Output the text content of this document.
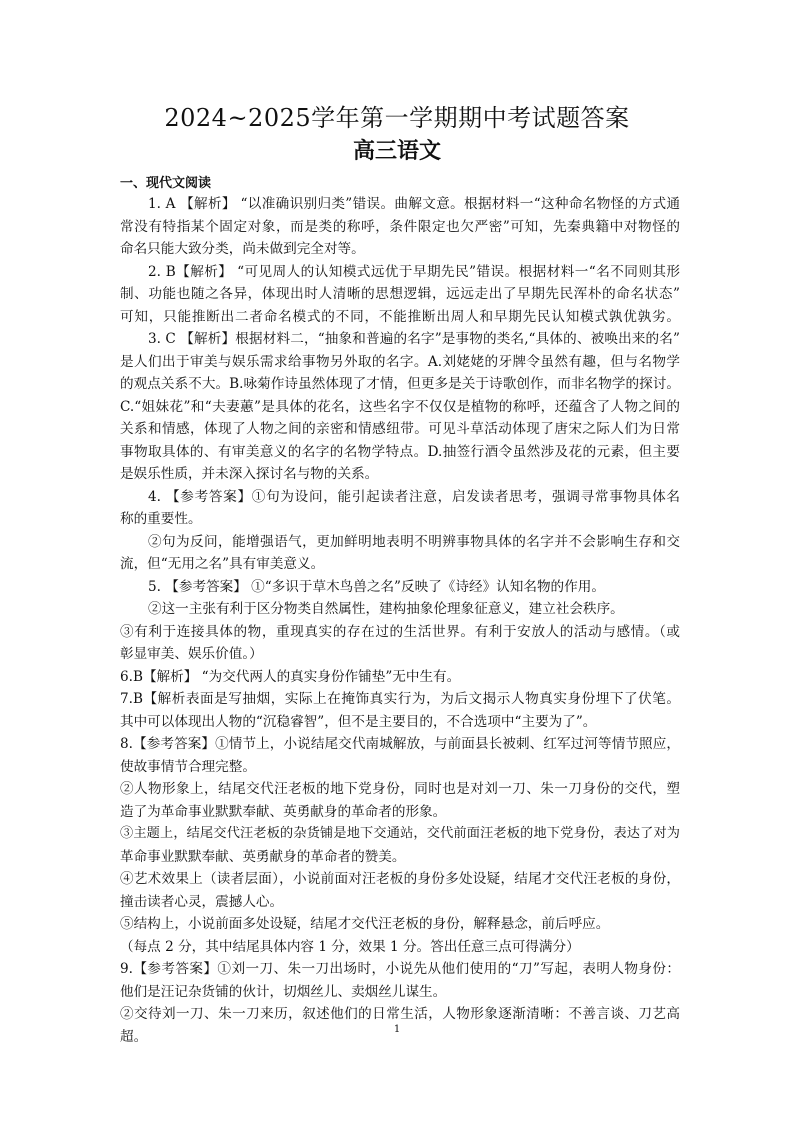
2024~2025学年第一学期期中考试题答案
高三语文
一、现代文阅读
1. A 【解析】 “以准确识别归类”错误。曲解文意。根据材料一“这种命名物怪的方式通
常没有特指某个固定对象，而是类的称呼，条件限定也欠严密”可知，先秦典籍中对物怪的
命名只能大致分类，尚未做到完全对等。
2. B【解析】 “可见周人的认知模式远优于早期先民”错误。根据材料一“名不同则其形
制、功能也随之各异，体现出时人清晰的思想逻辑，远远走出了早期先民浑朴的命名状态”
可知，只能推断出二者命名模式的不同，不能推断出周人和早期先民认知模式孰优孰劣。
3. C 【解析】根据材料二，“抽象和普遍的名字”是事物的类名,“具体的、被唤出来的名”
是人们出于审美与娱乐需求给事物另外取的名字。A.刘姥姥的牙牌令虽然有趣，但与名物学
的观点关系不大。B.咏菊作诗虽然体现了才情，但更多是关于诗歌创作，而非名物学的探讨。
C.“姐妹花”和“夫妻蕙”是具体的花名，这些名字不仅仅是植物的称呼，还蕴含了人物之间的
关系和情感，体现了人物之间的亲密和情感纽带。可见斗草活动体现了唐宋之际人们为日常
事物取具体的、有审美意义的名字的名物学特点。D.抽签行酒令虽然涉及花的元素，但主要
是娱乐性质，并未深入探讨名与物的关系。
4. 【参考答案】①句为设问，能引起读者注意，启发读者思考，强调寻常事物具体名
称的重要性。
②句为反问，能增强语气，更加鲜明地表明不明辨事物具体的名字并不会影响生存和交
流，但“无用之名”具有审美意义。
5. 【参考答案】 ①“多识于草木鸟兽之名”反映了《诗经》认知名物的作用。
②这一主张有利于区分物类自然属性，建构抽象伦理象征意义，建立社会秩序。
③有利于连接具体的物，重现真实的存在过的生活世界。有利于安放人的活动与感情。（或
彰显审美、娱乐价值。）
6.B【解析】 “为交代两人的真实身份作铺垫”无中生有。
7.B【解析表面是写抽烟，实际上在掩饰真实行为，为后文揭示人物真实身份埋下了伏笔。
其中可以体现出人物的“沉稳睿智”，但不是主要目的，不合选项中“主要为了”。
8.【参考答案】①情节上，小说结尾交代南城解放，与前面县长被刺、红军过河等情节照应，
使故事情节合理完整。
②人物形象上，结尾交代汪老板的地下党身份，同时也是对刘一刀、朱一刀身份的交代，塑
造了为革命事业默默奉献、英勇献身的革命者的形象。
③主题上，结尾交代汪老板的杂货铺是地下交通站，交代前面汪老板的地下党身份，表达了对为
革命事业默默奉献、英勇献身的革命者的赞美。
④艺术效果上（读者层面），小说前面对汪老板的身份多处设疑，结尾才交代汪老板的身份，
撞击读者心灵，震撼人心。
⑤结构上，小说前面多处设疑，结尾才交代汪老板的身份，解释悬念，前后呼应。
（每点 2 分，其中结尾具体内容 1 分，效果 1 分。答出任意三点可得满分）
9.【参考答案】①刘一刀、朱一刀出场时，小说先从他们使用的“刀”写起，表明人物身份：
他们是汪记杂货铺的伙计，切烟丝儿、卖烟丝儿谋生。
②交待刘一刀、朱一刀来历，叙述他们的日常生活，人物形象逐渐清晰：不善言谈、刀艺高
超。	1
